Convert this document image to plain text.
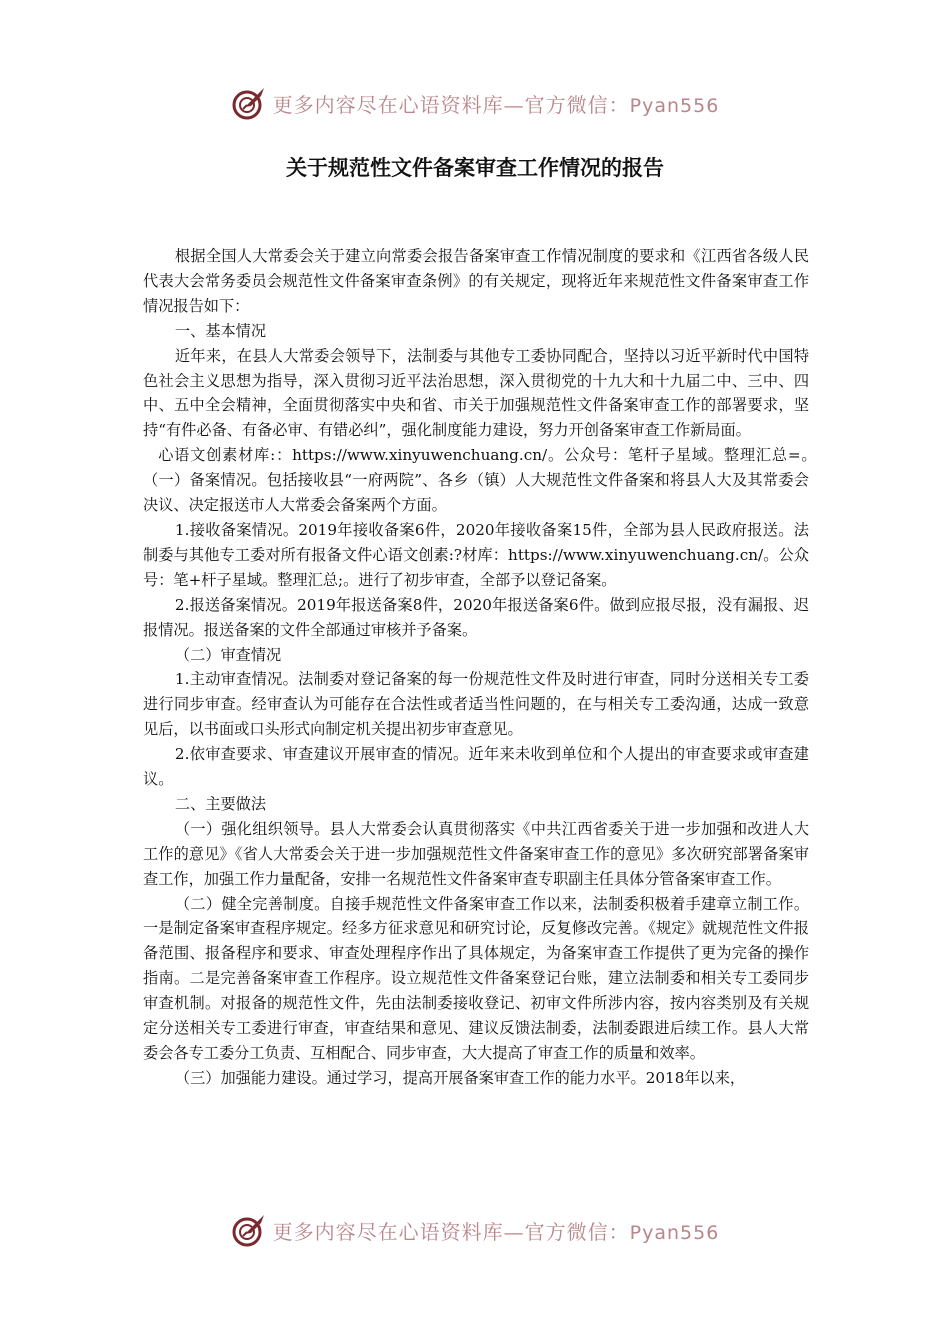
更多内容尽在心语资料库—官方微信：Pyan556
关于规范性文件备案审查工作情况的报告

根据全国人大常委会关于建立向常委会报告备案审查工作情况制度的要求和《江西省各级人民代表大会常务委员会规范性文件备案审查条例》的有关规定，现将近年来规范性文件备案审查工作情况报告如下：

一、基本情况

近年来，在县人大常委会领导下，法制委与其他专工委协同配合，坚持以习近平新时代中国特色社会主义思想为指导，深入贯彻习近平法治思想，深入贯彻党的十九大和十九届二中、三中、四中、五中全会精神，全面贯彻落实中央和省、市关于加强规范性文件备案审查工作的部署要求，坚持“有件必备、有备必审、有错必纠”，强化制度能力建设，努力开创备案审查工作新局面。

心语文创素材库:：https://www.xinyuwenchuang.cn/。公众号：笔杆子星域。整理汇总=。　（一）备案情况。包括接收县“一府两院”、各乡（镇）人大规范性文件备案和将县人大及其常委会决议、决定报送市人大常委会备案两个方面。

1.接收备案情况。2019年接收备案6件，2020年接收备案15件，全部为县人民政府报送。法制委与其他专工委对所有报备文件心语文创素:?材库：https://www.xinyuwenchuang.cn/。公众号：笔+杆子星域。整理汇总;。进行了初步审查，全部予以登记备案。

2.报送备案情况。2019年报送备案8件，2020年报送备案6件。做到应报尽报，没有漏报、迟报情况。报送备案的文件全部通过审核并予备案。

（二）审查情况

1.主动审查情况。法制委对登记备案的每一份规范性文件及时进行审查，同时分送相关专工委进行同步审查。经审查认为可能存在合法性或者适当性问题的，在与相关专工委沟通，达成一致意见后，以书面或口头形式向制定机关提出初步审查意见。

2.依审查要求、审查建议开展审查的情况。近年来未收到单位和个人提出的审查要求或审查建议。

二、主要做法

（一）强化组织领导。县人大常委会认真贯彻落实《中共江西省委关于进一步加强和改进人大工作的意见》《省人大常委会关于进一步加强规范性文件备案审查工作的意见》多次研究部署备案审查工作，加强工作力量配备，安排一名规范性文件备案审查专职副主任具体分管备案审查工作。

（二）健全完善制度。自接手规范性文件备案审查工作以来，法制委积极着手建章立制工作。一是制定备案审查程序规定。经多方征求意见和研究讨论，反复修改完善。《规定》就规范性文件报备范围、报备程序和要求、审查处理程序作出了具体规定，为备案审查工作提供了更为完备的操作指南。二是完善备案审查工作程序。设立规范性文件备案登记台账，建立法制委和相关专工委同步审查机制。对报备的规范性文件，先由法制委接收登记、初审文件所涉内容，按内容类别及有关规定分送相关专工委进行审查，审查结果和意见、建议反馈法制委，法制委跟进后续工作。县人大常委会各专工委分工负责、互相配合、同步审查，大大提高了审查工作的质量和效率。

（三）加强能力建设。通过学习，提高开展备案审查工作的能力水平。2018年以来，

更多内容尽在心语资料库—官方微信：Pyan556
